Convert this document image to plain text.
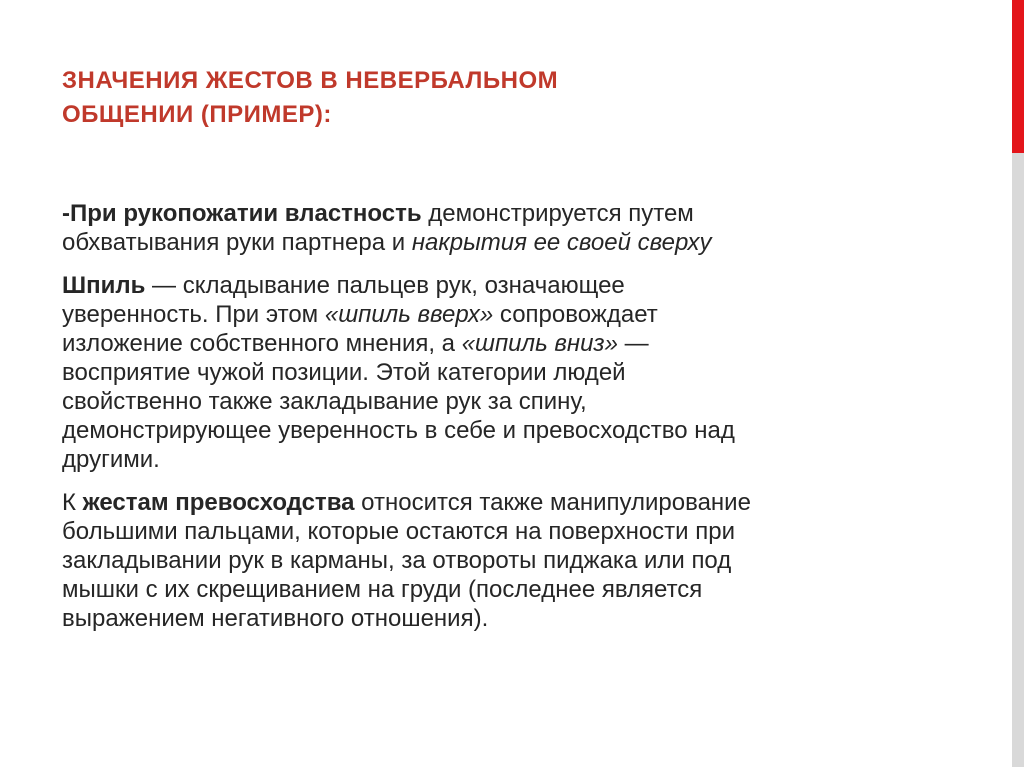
ЗНАЧЕНИЯ ЖЕСТОВ В НЕВЕРБАЛЬНОМ
ОБЩЕНИИ (ПРИМЕР):
-При рукопожатии властность демонстрируется путем
обхватывания руки партнера и накрытия ее своей сверху
Шпиль — складывание пальцев рук, означающее
уверенность. При этом «шпиль вверх» сопровождает
изложение собственного мнения, а «шпиль вниз» —
восприятие чужой позиции. Этой категории людей
свойственно также закладывание рук за спину,
демонстрирующее уверенность в себе и превосходство над
другими.
К жестам превосходства относится также манипулирование
большими пальцами, которые остаются на поверхности при
закладывании рук в карманы, за отвороты пиджака или под
мышки с их скрещиванием на груди (последнее является
выражением негативного отношения).
